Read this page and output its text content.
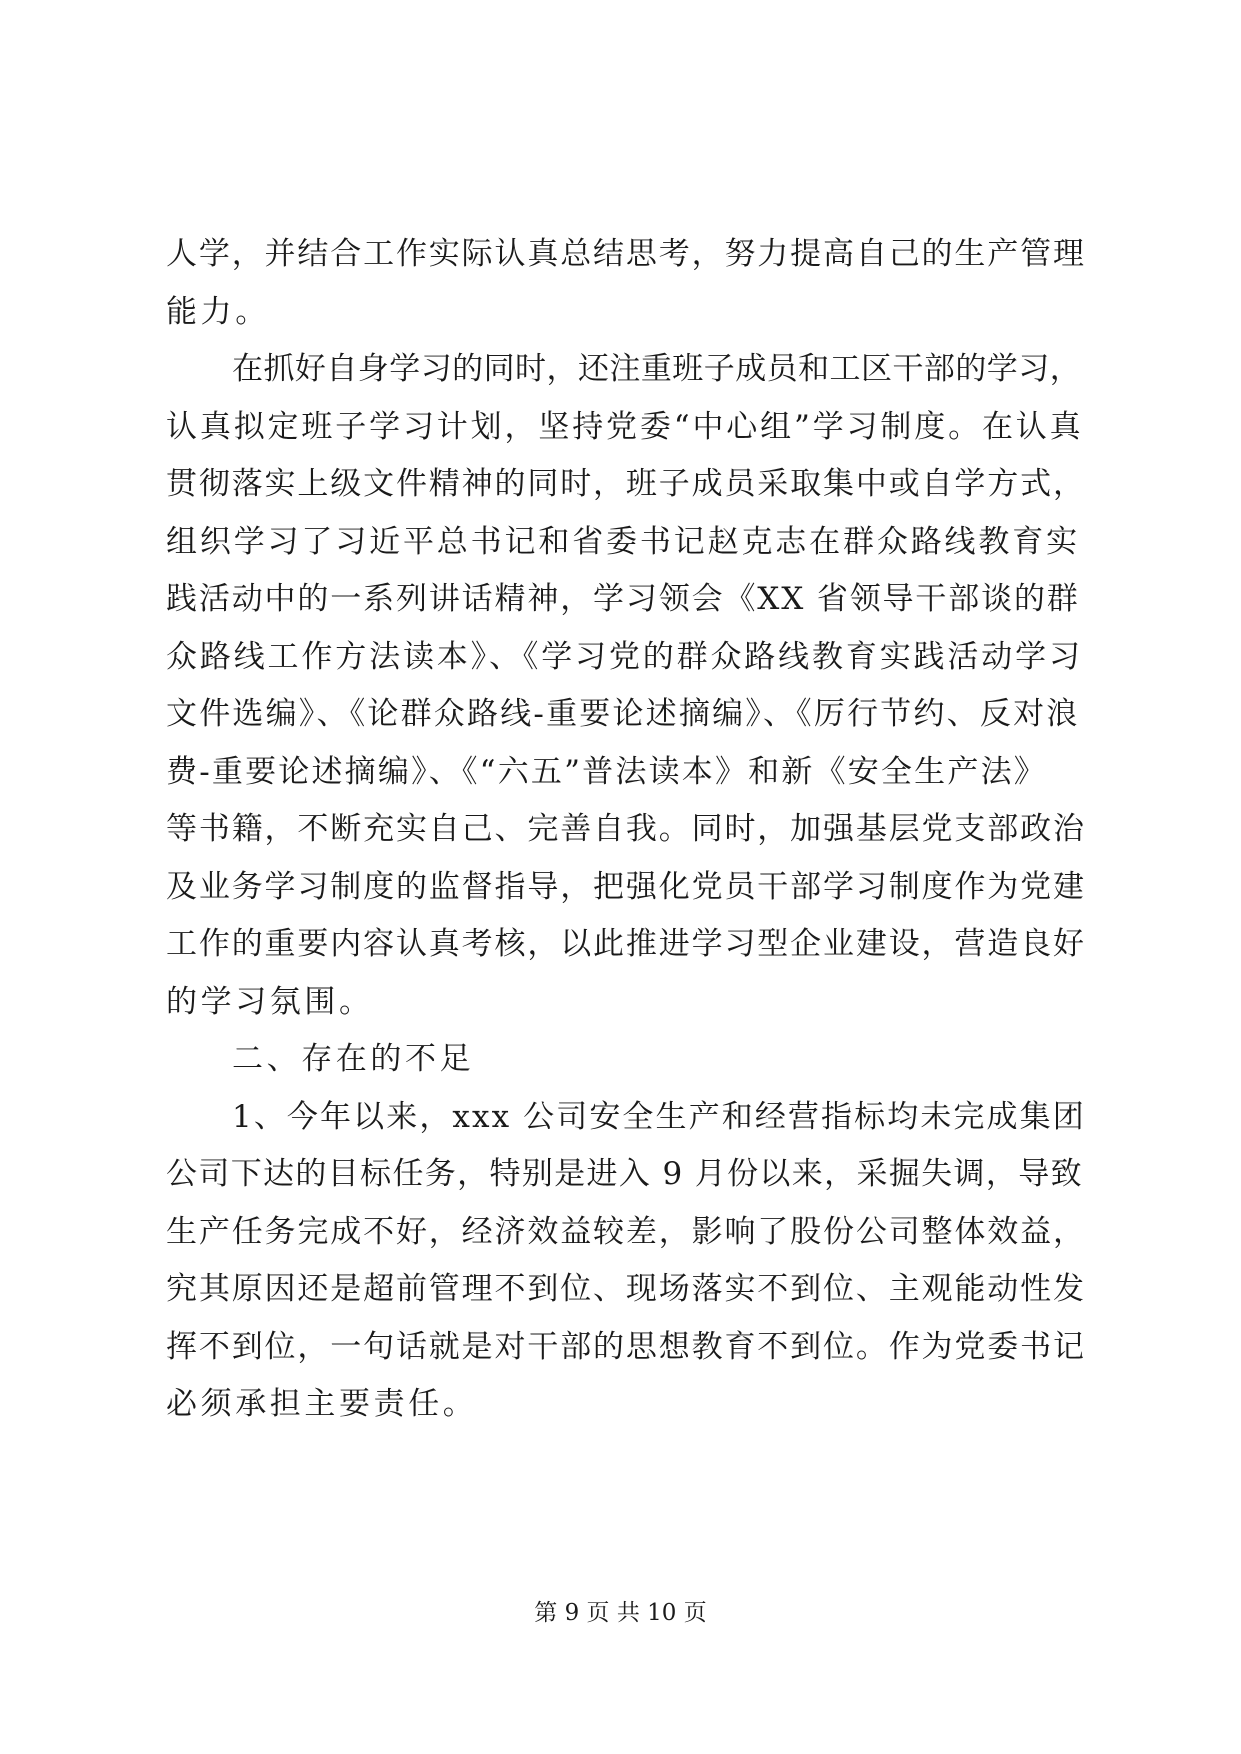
人学，并结合工作实际认真总结思考，努力提高自己的生产管理
能力。
在抓好自身学习的同时，还注重班子成员和工区干部的学习，
认真拟定班子学习计划，坚持党委“中心组”学习制度。在认真
贯彻落实上级文件精神的同时，班子成员采取集中或自学方式，
组织学习了习近平总书记和省委书记赵克志在群众路线教育实
践活动中的一系列讲话精神，学习领会《XX 省领导干部谈的群
众路线工作方法读本》、《学习党的群众路线教育实践活动学习
文件选编》、《论群众路线-重要论述摘编》、《厉行节约、反对浪
费-重要论述摘编》、《“六五”普法读本》和新《安全生产法》
等书籍，不断充实自己、完善自我。同时，加强基层党支部政治
及业务学习制度的监督指导，把强化党员干部学习制度作为党建
工作的重要内容认真考核，以此推进学习型企业建设，营造良好
的学习氛围。
二、存在的不足
1、今年以来，xxx 公司安全生产和经营指标均未完成集团
公司下达的目标任务，特别是进入 9 月份以来，采掘失调，导致
生产任务完成不好，经济效益较差，影响了股份公司整体效益，
究其原因还是超前管理不到位、现场落实不到位、主观能动性发
挥不到位，一句话就是对干部的思想教育不到位。作为党委书记
必须承担主要责任。
第 9 页 共 10 页
